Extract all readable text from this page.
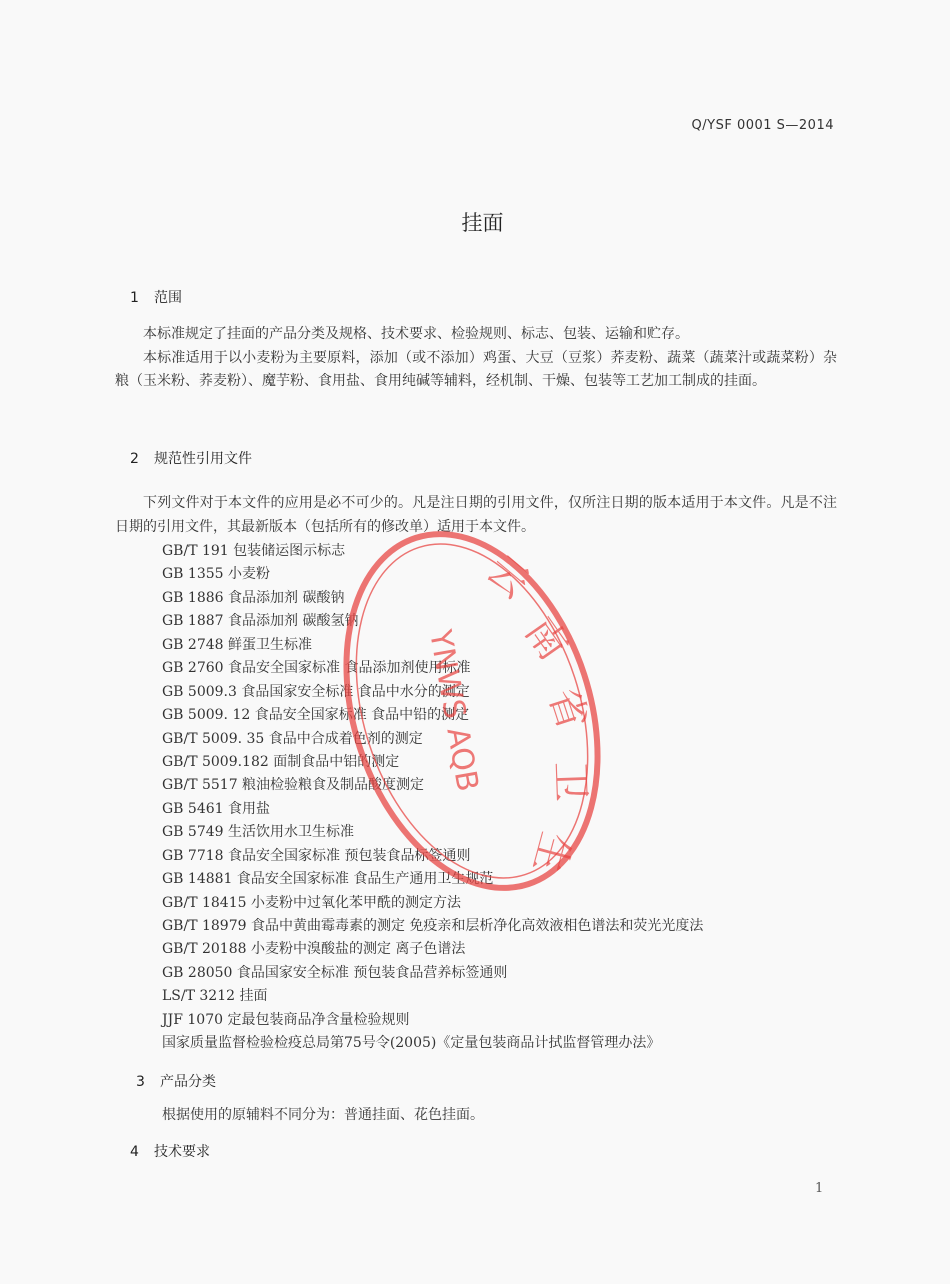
Q/YSF 0001 S—2014
挂面
1 范围

本标准规定了挂面的产品分类及规格、技术要求、检验规则、标志、包装、运输和贮存。

本标准适用于以小麦粉为主要原料，添加（或不添加）鸡蛋、大豆（豆浆）荞麦粉、蔬菜（蔬菜汁或蔬菜粉）杂粮（玉米粉、荞麦粉）、魔芋粉、食用盐、食用纯碱等辅料，经机制、干燥、包装等工艺加工制成的挂面。

2 规范性引用文件

下列文件对于本文件的应用是必不可少的。凡是注日期的引用文件，仅所注日期的版本适用于本文件。凡是不注日期的引用文件，其最新版本（包括所有的修改单）适用于本文件。

GB/T 191 包装储运图示标志
GB 1355 小麦粉
GB 1886 食品添加剂 碳酸钠
GB 1887 食品添加剂 碳酸氢钠
GB 2748 鲜蛋卫生标准
GB 2760 食品安全国家标准 食品添加剂使用标准
GB 5009.3 食品国家安全标准 食品中水分的测定
GB 5009. 12 食品安全国家标准 食品中铅的测定
GB/T 5009. 35 食品中合成着色剂的测定
GB/T 5009.182 面制食品中铝的测定
GB/T 5517 粮油检验粮食及制品酸度测定
GB 5461 食用盐
GB 5749 生活饮用水卫生标准
GB 7718 食品安全国家标准 预包装食品标签通则
GB 14881 食品安全国家标准 食品生产通用卫生规范
GB/T 18415 小麦粉中过氧化苯甲酰的测定方法
GB/T 18979 食品中黄曲霉毒素的测定 免疫亲和层析净化高效液相色谱法和荧光光度法
GB/T 20188 小麦粉中溴酸盐的测定 离子色谱法
GB 28050 食品国家安全标准 预包装食品营养标签通则
LS/T 3212 挂面
JJF 1070 定最包装商品净含量检验规则
国家质量监督检验检疫总局第75号令(2005)《定量包装商品计拭监督管理办法》
3 产品分类

根据使用的原辅料不同分为：普通挂面、花色挂面。

4 技术要求
1
云
南
省
卫
生
YNWS AQB
